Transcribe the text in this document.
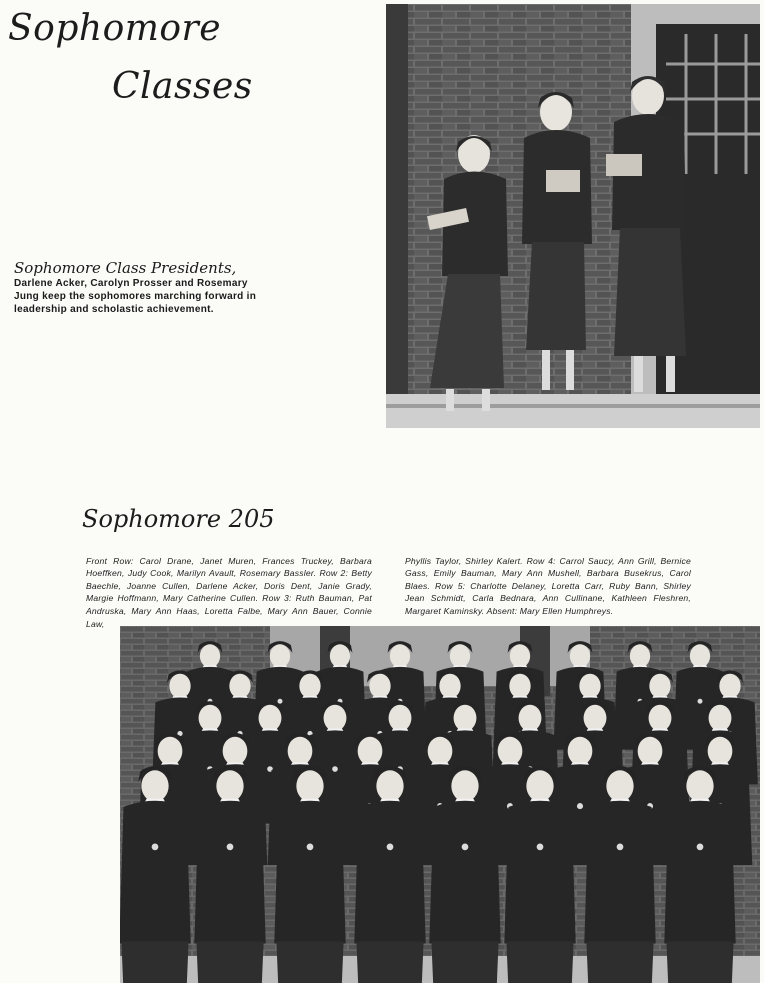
Sophomore
Classes
Sophomore Class Presidents, Darlene Acker, Carolyn Prosser and Rosemary Jung keep the sophomores marching forward in leadership and scholastic achievement.
Sophomore 205

Front Row: Carol Drane, Janet Muren, Frances Truckey, Barbara Hoeffken, Judy Cook, Marilyn Avault, Rosemary Bassler. Row 2: Betty Baechle, Joanne Cullen, Darlene Acker, Doris Dent, Janie Grady, Margie Hoffmann, Mary Catherine Cullen. Row 3: Ruth Bauman, Pat Andruska, Mary Ann Haas, Loretta Falbe, Mary Ann Bauer, Connie Law,

Phyllis Taylor, Shirley Kalert. Row 4: Carrol Saucy, Ann Grill, Bernice Gass, Emily Bauman, Mary Ann Mushell, Barbara Busekrus, Carol Blaes. Row 5: Charlotte Delaney, Loretta Carr, Ruby Bann, Shirley Jean Schmidt, Carla Bednara, Ann Cullinane, Kathleen Fleshren, Margaret Kaminsky. Absent: Mary Ellen Humphreys.
